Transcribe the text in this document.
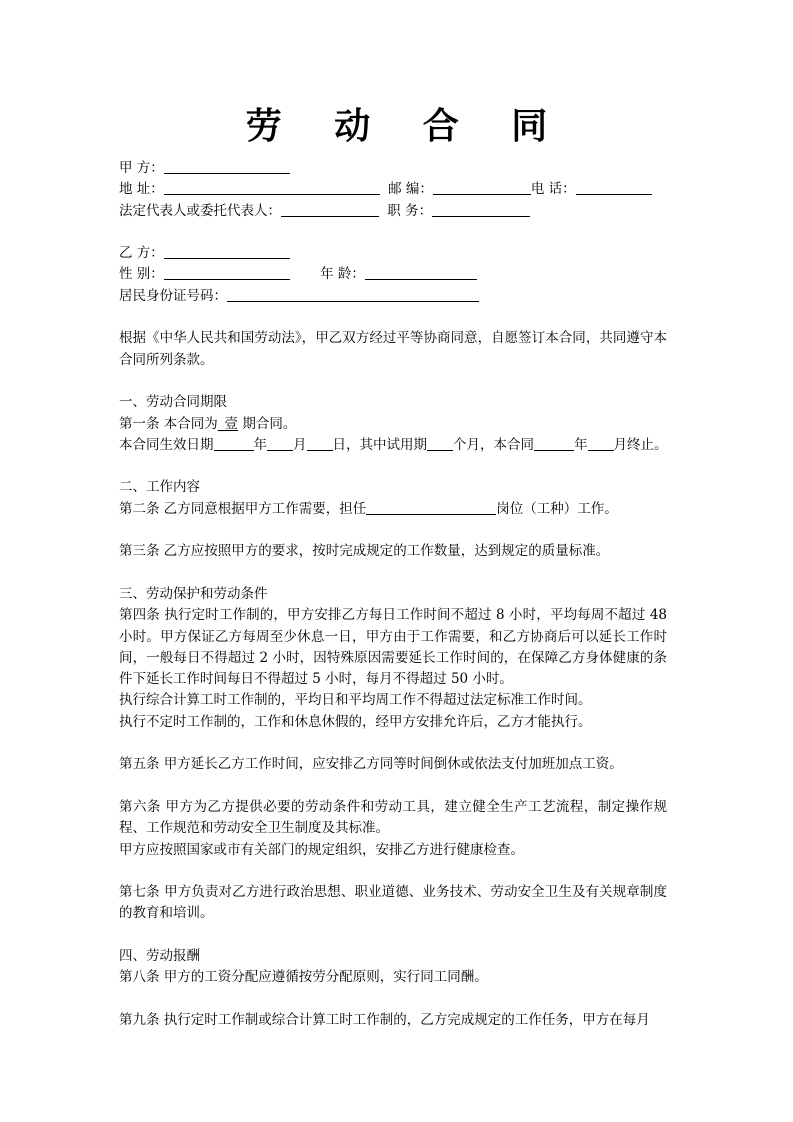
劳 动 合 同
甲 方：
地 址：	邮 编：	电 话：
法定代表人或委托代表人：	职 务：
乙 方：
性 别：	年 龄：
居民身份证号码：
根据《中华人民共和国劳动法》，甲乙双方经过平等协商同意，自愿签订本合同，共同遵守本合同所列条款。
一、劳动合同期限
第一条 本合同为_壹 期合同。
本合同生效日期	年 月 日，其中试用期 个月，本合同	年 月终止。
二、工作内容
第二条 乙方同意根据甲方工作需要，担任	岗位（工种）工作。
第三条 乙方应按照甲方的要求，按时完成规定的工作数量，达到规定的质量标准。
三、劳动保护和劳动条件
第四条 执行定时工作制的，甲方安排乙方每日工作时间不超过 8 小时，平均每周不超过 48 小时。甲方保证乙方每周至少休息一日，甲方由于工作需要，和乙方协商后可以延长工作时间，一般每日不得超过 2 小时，因特殊原因需要延长工作时间的，在保障乙方身体健康的条件下延长工作时间每日不得超过 5 小时，每月不得超过 50 小时。
执行综合计算工时工作制的，平均日和平均周工作不得超过法定标准工作时间。
执行不定时工作制的，工作和休息休假的，经甲方安排允许后，乙方才能执行。
第五条 甲方延长乙方工作时间，应安排乙方同等时间倒休或依法支付加班加点工资。
第六条 甲方为乙方提供必要的劳动条件和劳动工具，建立健全生产工艺流程，制定操作规程、工作规范和劳动安全卫生制度及其标准。
甲方应按照国家或市有关部门的规定组织，安排乙方进行健康检查。
第七条 甲方负责对乙方进行政治思想、职业道德、业务技术、劳动安全卫生及有关规章制度的教育和培训。
四、劳动报酬
第八条 甲方的工资分配应遵循按劳分配原则，实行同工同酬。
第九条 执行定时工作制或综合计算工时工作制的，乙方完成规定的工作任务，甲方在每月
